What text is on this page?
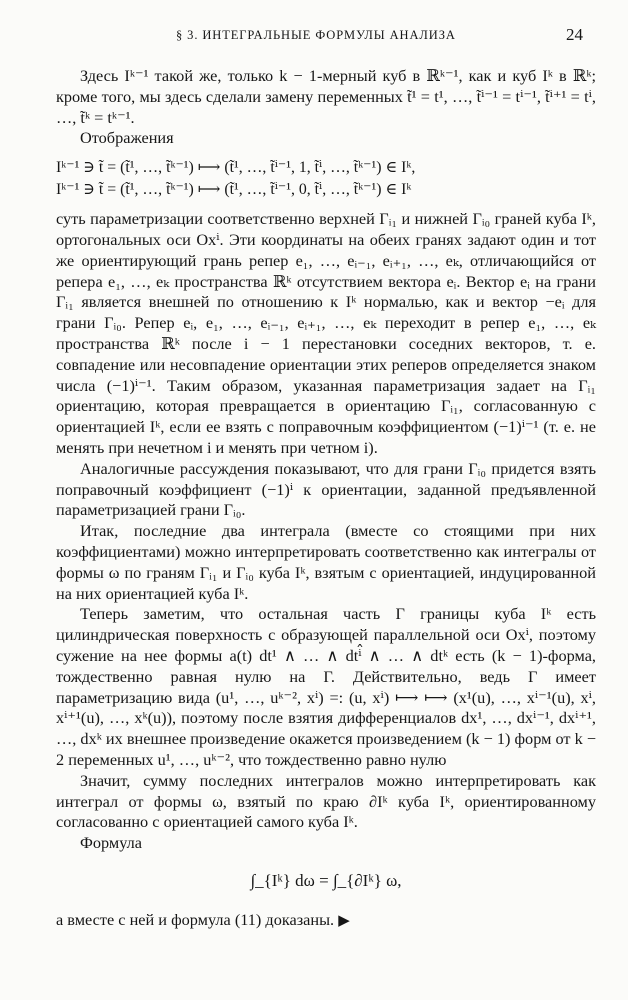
§ 3. ИНТЕГРАЛЬНЫЕ ФОРМУЛЫ АНАЛИЗА	24

Здесь Iᵏ⁻¹ такой же, только k − 1-мерный куб в ℝᵏ⁻¹, как и куб Iᵏ в ℝᵏ; кроме того, мы здесь сделали замену переменных t̃¹ = t¹, …, t̃ⁱ⁻¹ = tⁱ⁻¹, t̃ⁱ⁺¹ = tⁱ, …, t̃ᵏ = tᵏ⁻¹.

Отображения

Iᵏ⁻¹ ∋ t̃ = (t̃¹, …, t̃ᵏ⁻¹) ⟼ (t̃¹, …, t̃ⁱ⁻¹, 1, t̃ⁱ, …, t̃ᵏ⁻¹) ∈ Iᵏ,
Iᵏ⁻¹ ∋ t̃ = (t̃¹, …, t̃ᵏ⁻¹) ⟼ (t̃¹, …, t̃ⁱ⁻¹, 0, t̃ⁱ, …, t̃ᵏ⁻¹) ∈ Iᵏ

суть параметризации соответственно верхней Γᵢ₁ и нижней Γᵢ₀ граней куба Iᵏ, ортогональных оси Oxⁱ. Эти координаты на обеих гранях задают один и тот же ориентирующий грань репер e₁, …, eᵢ₋₁, eᵢ₊₁, …, eₖ, отличающийся от репера e₁, …, eₖ пространства ℝᵏ отсутствием вектора eᵢ. Вектор eᵢ на грани Γᵢ₁ является внешней по отношению к Iᵏ нормалью, как и вектор −eᵢ для грани Γᵢ₀. Репер eᵢ, e₁, …, eᵢ₋₁, eᵢ₊₁, …, eₖ переходит в репер e₁, …, eₖ пространства ℝᵏ после i − 1 перестановки соседних векторов, т. е. совпадение или несовпадение ориентации этих реперов определяется знаком числа (−1)ⁱ⁻¹. Таким образом, указанная параметризация задает на Γᵢ₁ ориентацию, которая превращается в ориентацию Γᵢ₁, согласованную с ориентацией Iᵏ, если ее взять с поправочным коэффициентом (−1)ⁱ⁻¹ (т. е. не менять при нечетном i и менять при четном i).

Аналогичные рассуждения показывают, что для грани Γᵢ₀ придется взять поправочный коэффициент (−1)ⁱ к ориентации, заданной предъявленной параметризацией грани Γᵢ₀.

Итак, последние два интеграла (вместе со стоящими при них коэффициентами) можно интерпретировать соответственно как интегралы от формы ω по граням Γᵢ₁ и Γᵢ₀ куба Iᵏ, взятым с ориентацией, индуцированной на них ориентацией куба Iᵏ.

Теперь заметим, что остальная часть Γ границы куба Iᵏ есть цилиндрическая поверхность с образующей параллельной оси Oxⁱ, поэтому сужение на нее формы a(t) dt¹ ∧ … ∧ dtⁱ̂ ∧ … ∧ dtᵏ есть (k − 1)-форма, тождественно равная нулю на Γ. Действительно, ведь Γ имеет параметризацию вида (u¹, …, uᵏ⁻², xⁱ) =: (u, xⁱ) ⟼ ⟼ (x¹(u), …, xⁱ⁻¹(u), xⁱ, xⁱ⁺¹(u), …, xᵏ(u)), поэтому после взятия дифференциалов dx¹, …, dxⁱ⁻¹, dxⁱ⁺¹, …, dxᵏ их внешнее произведение окажется произведением (k − 1) форм от k − 2 переменных u¹, …, uᵏ⁻², что тождественно равно нулю

Значит, сумму последних интегралов можно интерпретировать как интеграл от формы ω, взятый по краю ∂Iᵏ куба Iᵏ, ориентированному согласованно с ориентацией самого куба Iᵏ.

Формула

∫_{Iᵏ} dω = ∫_{∂Iᵏ} ω,

а вместе с ней и формула (11) доказаны. ▶
